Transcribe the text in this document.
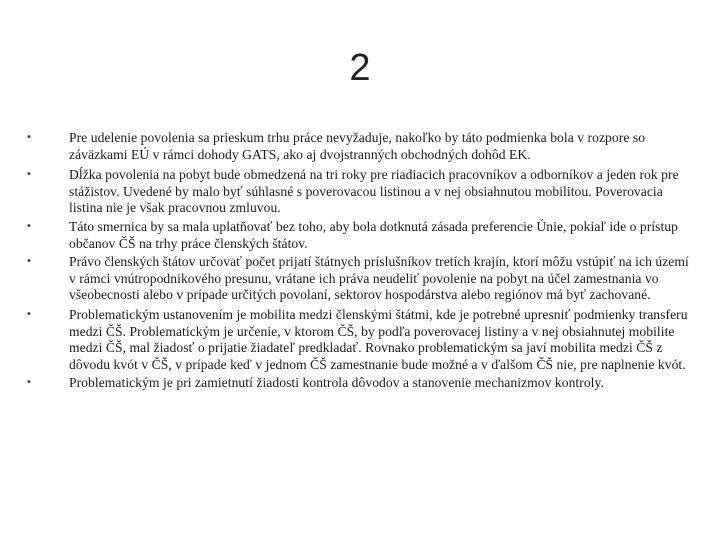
2
•	Pre udelenie povolenia sa prieskum trhu práce nevyžaduje, nakoľko by táto podmienka bola v rozpore so záväzkami EÚ v rámci dohody GATS, ako aj dvojstranných obchodných dohôd EK.
•	Dĺžka povolenia na pobyt bude obmedzená na tri roky pre riadiacich pracovníkov a odborníkov a jeden rok pre stážistov. Uvedené by malo byť súhlasné s poverovacou listinou a v nej obsiahnutou mobilitou. Poverovacia listina nie je však pracovnou zmluvou.
•	Táto smernica by sa mala uplatňovať bez toho, aby bola dotknutá zásada preferencie Únie, pokiaľ ide o prístup občanov ČŠ na trhy práce členských štátov.
•	Právo členských štátov určovať počet prijatí štátnych príslušníkov tretích krajín, ktorí môžu vstúpiť na ich území v rámci vnútropodnikového presunu, vrátane ich práva neudeliť povolenie na pobyt na účel zamestnania vo všeobecnosti alebo v prípade určitých povolaní, sektorov hospodárstva alebo regiónov má byť zachované.
•	Problematickým ustanovením je mobilita medzi členskými štátmi, kde je potrebné upresniť podmienky transferu medzi ČŠ. Problematickým je určenie, v ktorom ČŠ, by podľa poverovacej listiny a v nej obsiahnutej mobilite medzi ČŠ, mal žiadosť o prijatie žiadateľ predkladať. Rovnako problematickým sa javí mobilita medzi ČŠ z dôvodu kvót v ČŠ, v prípade keď v jednom ČŠ zamestnanie bude možné a v ďalšom ČŠ nie, pre naplnenie kvót.
•	Problematickým je pri zamietnutí žiadosti kontrola dôvodov a stanovenie mechanizmov kontroly.
